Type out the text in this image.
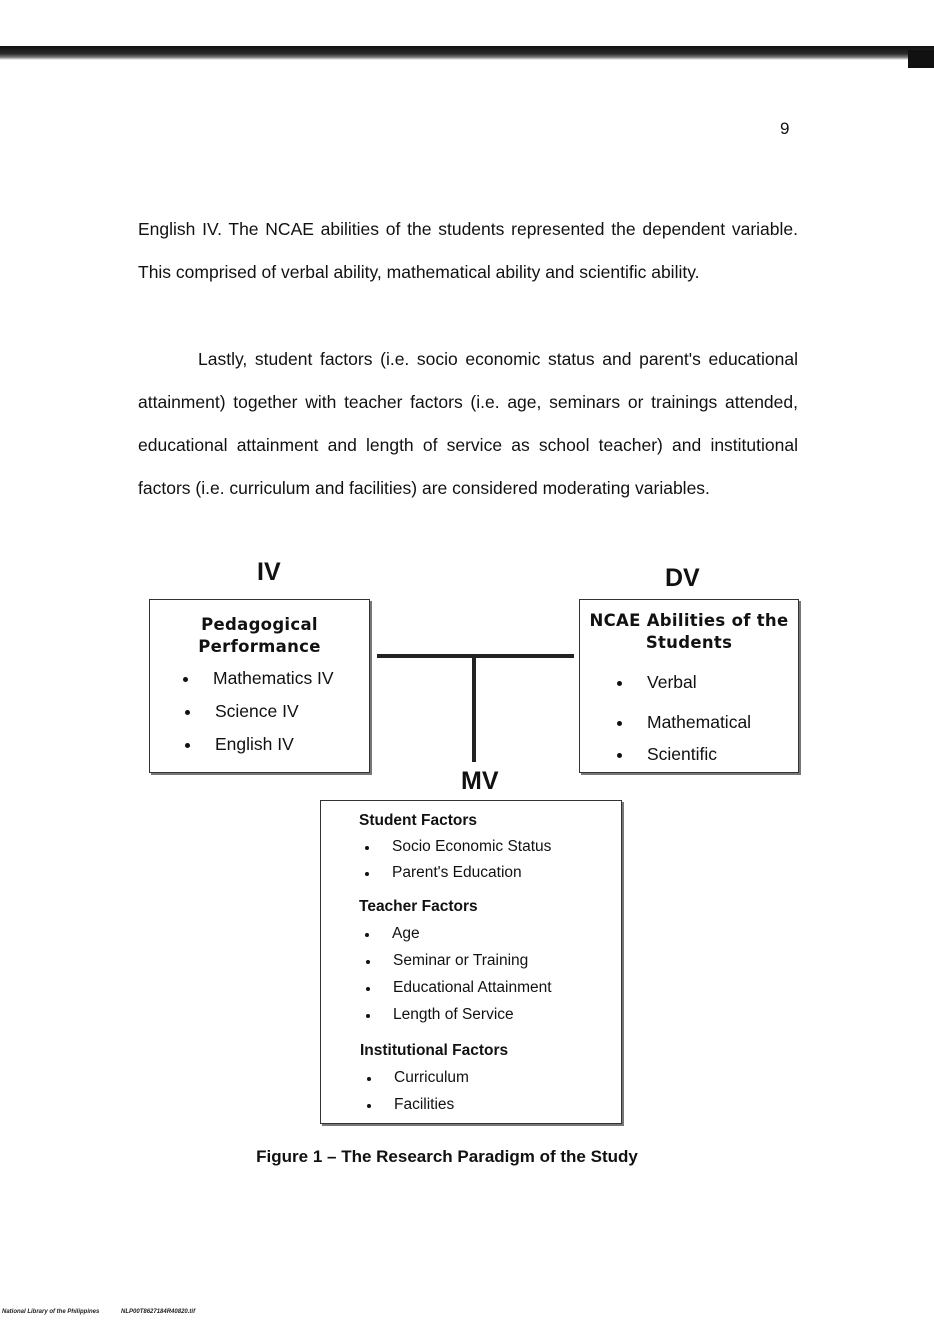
9

English IV. The NCAE abilities of the students represented the dependent variable. This comprised of verbal ability, mathematical ability and scientific ability.

Lastly, student factors (i.e. socio economic status and parent's educational attainment) together with teacher factors (i.e. age, seminars or trainings attended, educational attainment and length of service as school teacher) and institutional factors (i.e. curriculum and facilities) are considered moderating variables.

IV	DV
MV
Pedagogical Performance
Mathematics IV
Science IV
English IV
NCAE Abilities of the Students
Verbal
Mathematical
Scientific
Student Factors
Socio Economic Status
Parent's Education
Teacher Factors
Age
Seminar or Training
Educational Attainment
Length of Service
Institutional Factors
Curriculum
Facilities
Figure 1 – The Research Paradigm of the Study
National Library of the Philippines	NLP00T8627184R40820.tif
